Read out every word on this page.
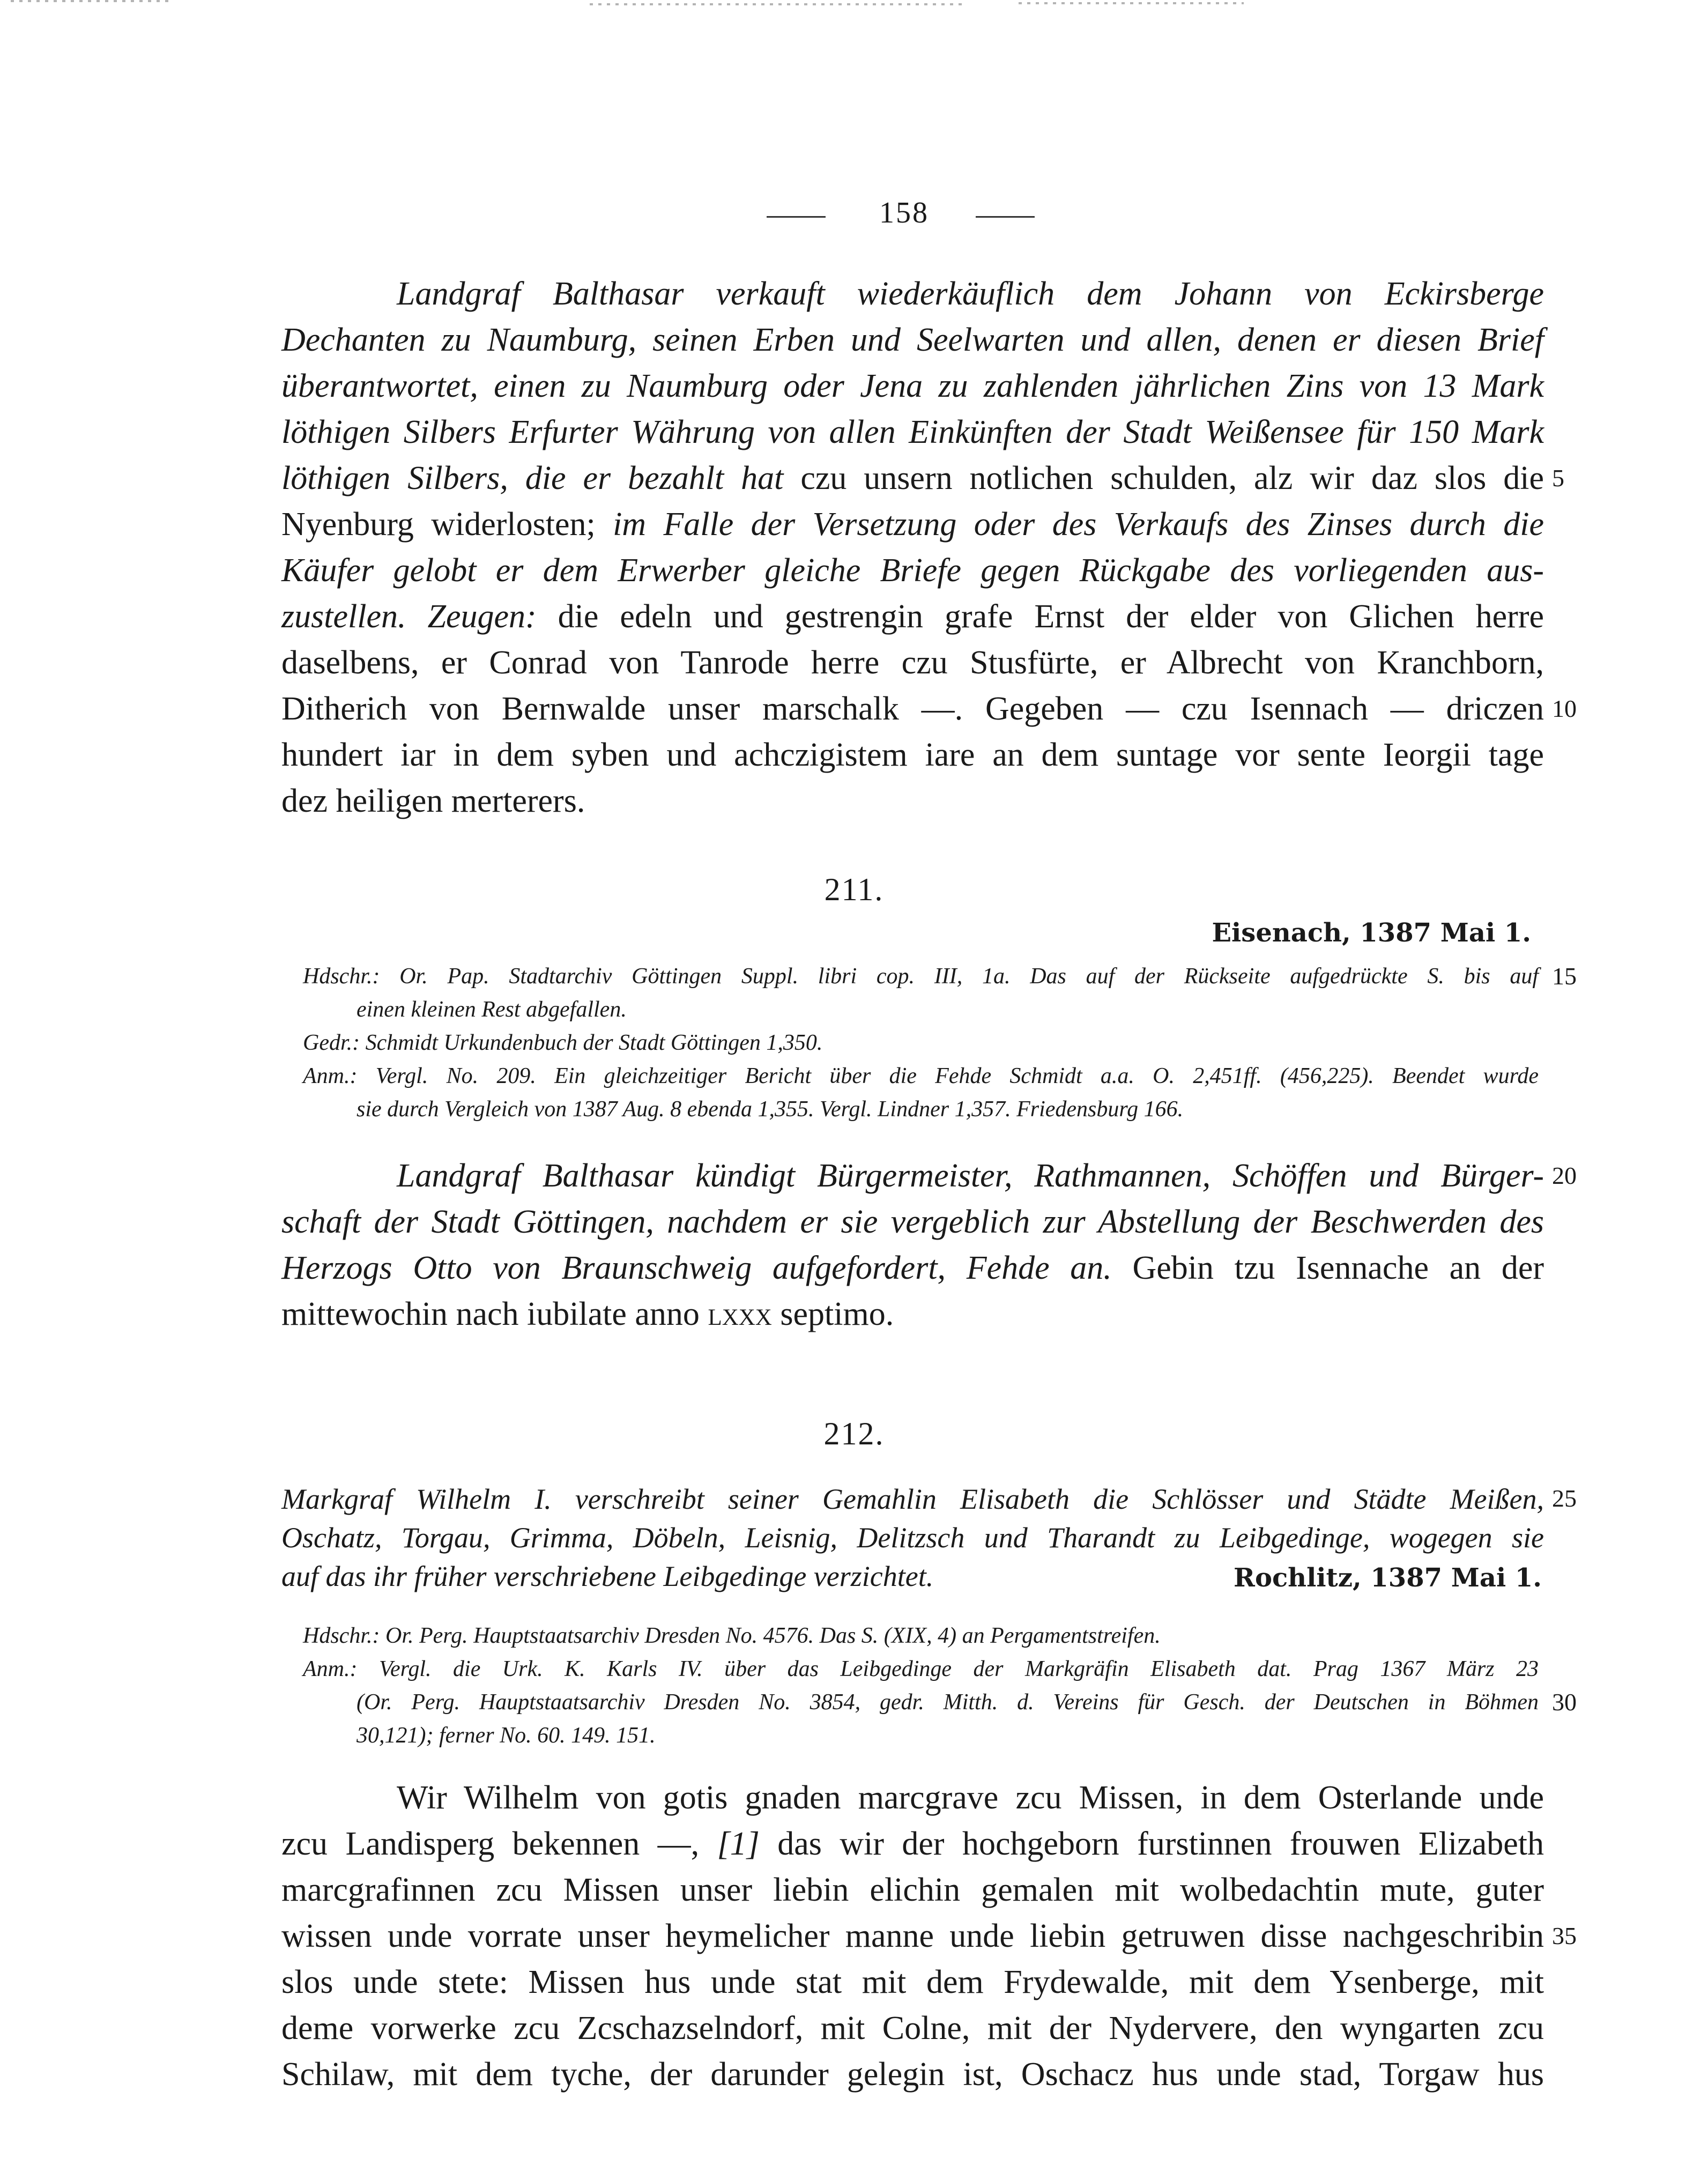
158
Landgraf Balthasar verkauft wiederkäuflich dem Johann von Eckirsberge
Dechanten zu Naumburg, seinen Erben und Seelwarten und allen, denen er diesen Brief
überantwortet, einen zu Naumburg oder Jena zu zahlenden jährlichen Zins von 13 Mark
löthigen Silbers Erfurter Währung von allen Einkünften der Stadt Weißensee für 150 Mark
löthigen Silbers, die er bezahlt hat czu unsern notlichen schulden, alz wir daz slos die 5
Nyenburg widerlosten; im Falle der Versetzung oder des Verkaufs des Zinses durch die
Käufer gelobt er dem Erwerber gleiche Briefe gegen Rückgabe des vorliegenden aus-
zustellen. Zeugen: die edeln und gestrengin grafe Ernst der elder von Glichen herre
daselbens, er Conrad von Tanrode herre czu Stusfürte, er Albrecht von Kranchborn,
Ditherich von Bernwalde unser marschalk —. Gegeben — czu Isennach — driczen 10
hundert iar in dem syben und achczigistem iare an dem suntage vor sente Ieorgii tage
dez heiligen merterers.
211.
Eisenach, 1387 Mai 1.
Hdschr.: Or. Pap. Stadtarchiv Göttingen Suppl. libri cop. III, 1a. Das auf der Rückseite aufgedrückte S. bis auf 15
einen kleinen Rest abgefallen.
Gedr.: Schmidt Urkundenbuch der Stadt Göttingen 1,350.
Anm.: Vergl. No. 209. Ein gleichzeitiger Bericht über die Fehde Schmidt a.a. O. 2,451ff. (456,225). Beendet wurde
sie durch Vergleich von 1387 Aug. 8 ebenda 1,355. Vergl. Lindner 1,357. Friedensburg 166.
Landgraf Balthasar kündigt Bürgermeister, Rathmannen, Schöffen und Bürger- 20
schaft der Stadt Göttingen, nachdem er sie vergeblich zur Abstellung der Beschwerden des
Herzogs Otto von Braunschweig aufgefordert, Fehde an. Gebin tzu Isennache an der
mittewochin nach iubilate anno lxxx septimo.
212.
Markgraf Wilhelm I. verschreibt seiner Gemahlin Elisabeth die Schlösser und Städte Meißen, 25
Oschatz, Torgau, Grimma, Döbeln, Leisnig, Delitzsch und Tharandt zu Leibgedinge, wogegen sie
auf das ihr früher verschriebene Leibgedinge verzichtet.	Rochlitz, 1387 Mai 1.
Hdschr.: Or. Perg. Hauptstaatsarchiv Dresden No. 4576. Das S. (XIX, 4) an Pergamentstreifen.
Anm.: Vergl. die Urk. K. Karls IV. über das Leibgedinge der Markgräfin Elisabeth dat. Prag 1367 März 23
(Or. Perg. Hauptstaatsarchiv Dresden No. 3854, gedr. Mitth. d. Vereins für Gesch. der Deutschen in Böhmen 30
30,121); ferner No. 60. 149. 151.
Wir Wilhelm von gotis gnaden marcgrave zcu Missen, in dem Osterlande unde
zcu Landisperg bekennen —, [1] das wir der hochgeborn furstinnen frouwen Elizabeth
marcgrafinnen zcu Missen unser liebin elichin gemalen mit wolbedachtin mute, guter
wissen unde vorrate unser heymelicher manne unde liebin getruwen disse nachgeschribin 35
slos unde stete: Missen hus unde stat mit dem Frydewalde, mit dem Ysenberge, mit
deme vorwerke zcu Zcschazselndorf, mit Colne, mit der Nydervere, den wyngarten zcu
Schilaw, mit dem tyche, der darunder gelegin ist, Oschacz hus unde stad, Torgaw hus
